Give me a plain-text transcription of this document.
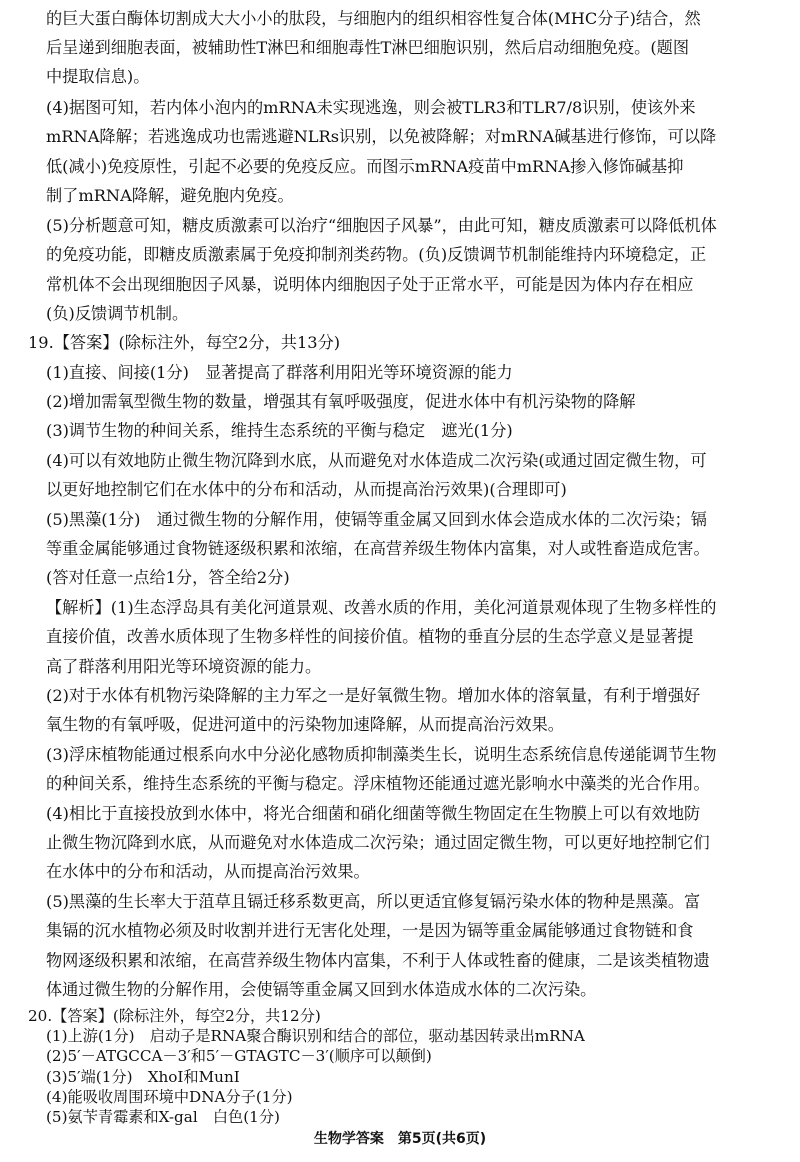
的巨大蛋白酶体切割成大大小小的肽段，与细胞内的组织相容性复合体(MHC分子)结合，然
后呈递到细胞表面，被辅助性T淋巴和细胞毒性T淋巴细胞识别，然后启动细胞免疫。(题图
中提取信息)。
(4)据图可知，若内体小泡内的mRNA未实现逃逸，则会被TLR3和TLR7/8识别，使该外来
mRNA降解；若逃逸成功也需逃避NLRs识别，以免被降解；对mRNA碱基进行修饰，可以降
低(减小)免疫原性，引起不必要的免疫反应。而图示mRNA疫苗中mRNA掺入修饰碱基抑
制了mRNA降解，避免胞内免疫。
(5)分析题意可知，糖皮质激素可以治疗“细胞因子风暴”，由此可知，糖皮质激素可以降低机体
的免疫功能，即糖皮质激素属于免疫抑制剂类药物。(负)反馈调节机制能维持内环境稳定，正
常机体不会出现细胞因子风暴，说明体内细胞因子处于正常水平，可能是因为体内存在相应
(负)反馈调节机制。
19.【答案】(除标注外，每空2分，共13分)
(1)直接、间接(1分)　显著提高了群落利用阳光等环境资源的能力
(2)增加需氧型微生物的数量，增强其有氧呼吸强度，促进水体中有机污染物的降解
(3)调节生物的种间关系，维持生态系统的平衡与稳定　遮光(1分)
(4)可以有效地防止微生物沉降到水底，从而避免对水体造成二次污染(或通过固定微生物，可
以更好地控制它们在水体中的分布和活动，从而提高治污效果)(合理即可)
(5)黑藻(1分)　通过微生物的分解作用，使镉等重金属又回到水体会造成水体的二次污染；镉
等重金属能够通过食物链逐级积累和浓缩，在高营养级生物体内富集，对人或牲畜造成危害。
(答对任意一点给1分，答全给2分)
【解析】(1)生态浮岛具有美化河道景观、改善水质的作用，美化河道景观体现了生物多样性的
直接价值，改善水质体现了生物多样性的间接价值。植物的垂直分层的生态学意义是显著提
高了群落利用阳光等环境资源的能力。
(2)对于水体有机物污染降解的主力军之一是好氧微生物。增加水体的溶氧量，有利于增强好
氧生物的有氧呼吸，促进河道中的污染物加速降解，从而提高治污效果。
(3)浮床植物能通过根系向水中分泌化感物质抑制藻类生长，说明生态系统信息传递能调节生物
的种间关系，维持生态系统的平衡与稳定。浮床植物还能通过遮光影响水中藻类的光合作用。
(4)相比于直接投放到水体中，将光合细菌和硝化细菌等微生物固定在生物膜上可以有效地防
止微生物沉降到水底，从而避免对水体造成二次污染；通过固定微生物，可以更好地控制它们
在水体中的分布和活动，从而提高治污效果。
(5)黑藻的生长率大于菹草且镉迁移系数更高，所以更适宜修复镉污染水体的物种是黑藻。富
集镉的沉水植物必须及时收割并进行无害化处理，一是因为镉等重金属能够通过食物链和食
物网逐级积累和浓缩，在高营养级生物体内富集，不利于人体或牲畜的健康，二是该类植物遗
体通过微生物的分解作用，会使镉等重金属又回到水体造成水体的二次污染。
20.【答案】(除标注外，每空2分，共12分)
(1)上游(1分)　启动子是RNA聚合酶识别和结合的部位，驱动基因转录出mRNA
(2)5′－ATGCCA－3′和5′－GTAGTC－3′(顺序可以颠倒)
(3)5′端(1分)　XhoⅠ和MunⅠ
(4)能吸收周围环境中DNA分子(1分)
(5)氨苄青霉素和X-gal　白色(1分)
生物学答案　第5页(共6页)
